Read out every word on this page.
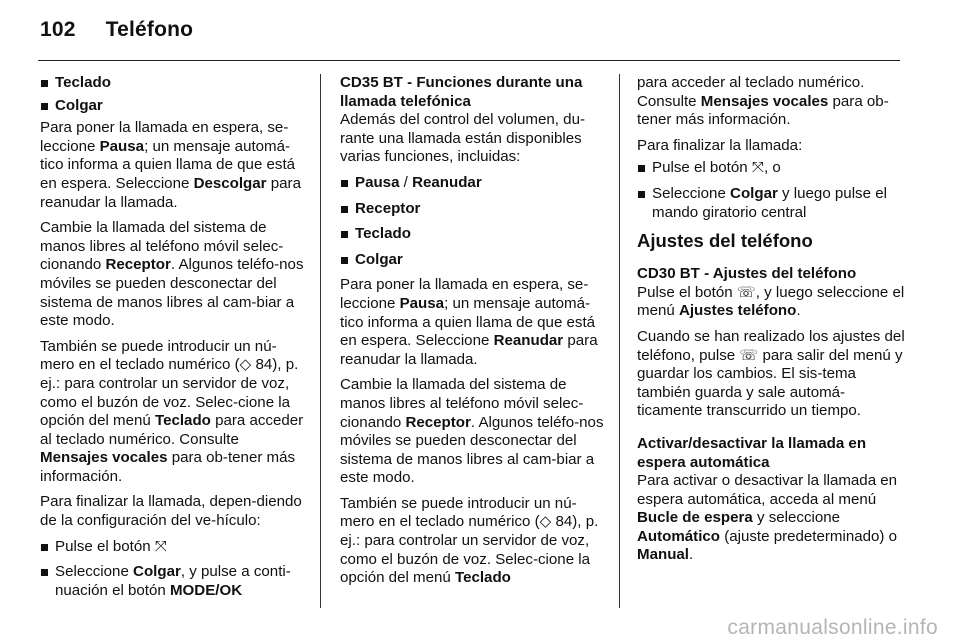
102 Teléfono
Teclado
Colgar

Para poner la llamada en espera, se-leccione Pausa; un mensaje automá-tico informa a quien llama de que está en espera. Seleccione Descolgar para reanudar la llamada.

Cambie la llamada del sistema de manos libres al teléfono móvil selec-cionando Receptor. Algunos teléfo-nos móviles se pueden desconectar del sistema de manos libres al cam-biar a este modo.

También se puede introducir un nú-mero en el teclado numérico (◇ 84), p. ej.: para controlar un servidor de voz, como el buzón de voz. Selec-cione la opción del menú Teclado para acceder al teclado numérico. Consulte Mensajes vocales para ob-tener más información.

Para finalizar la llamada, depen-diendo de la configuración del ve-hículo:

Pulse el botón ⤧
Seleccione Colgar, y pulse a conti-nuación el botón MODE/OK
CD35 BT - Funciones durante una llamada telefónica

Además del control del volumen, du-rante una llamada están disponibles varias funciones, incluidas:

Pausa / Reanudar
Receptor
Teclado
Colgar

Para poner la llamada en espera, se-leccione Pausa; un mensaje automá-tico informa a quien llama de que está en espera. Seleccione Reanudar para reanudar la llamada.

Cambie la llamada del sistema de manos libres al teléfono móvil selec-cionando Receptor. Algunos teléfo-nos móviles se pueden desconectar del sistema de manos libres al cam-biar a este modo.

También se puede introducir un nú-mero en el teclado numérico (◇ 84), p. ej.: para controlar un servidor de voz, como el buzón de voz. Selec-cione la opción del menú Teclado

para acceder al teclado numérico. Consulte Mensajes vocales para ob-tener más información.

Para finalizar la llamada:

Pulse el botón ⤧, o
Seleccione Colgar y luego pulse el mando giratorio central
Ajustes del teléfono
CD30 BT - Ajustes del teléfono

Pulse el botón ☏, y luego seleccione el menú Ajustes teléfono.

Cuando se han realizado los ajustes del teléfono, pulse ☏ para salir del menú y guardar los cambios. El sis-tema también guarda y sale automá-ticamente transcurrido un tiempo.

Activar/desactivar la llamada en espera automática

Para activar o desactivar la llamada en espera automática, acceda al menú Bucle de espera y seleccione Automático (ajuste predeterminado) o Manual.

carmanualsonline.info
